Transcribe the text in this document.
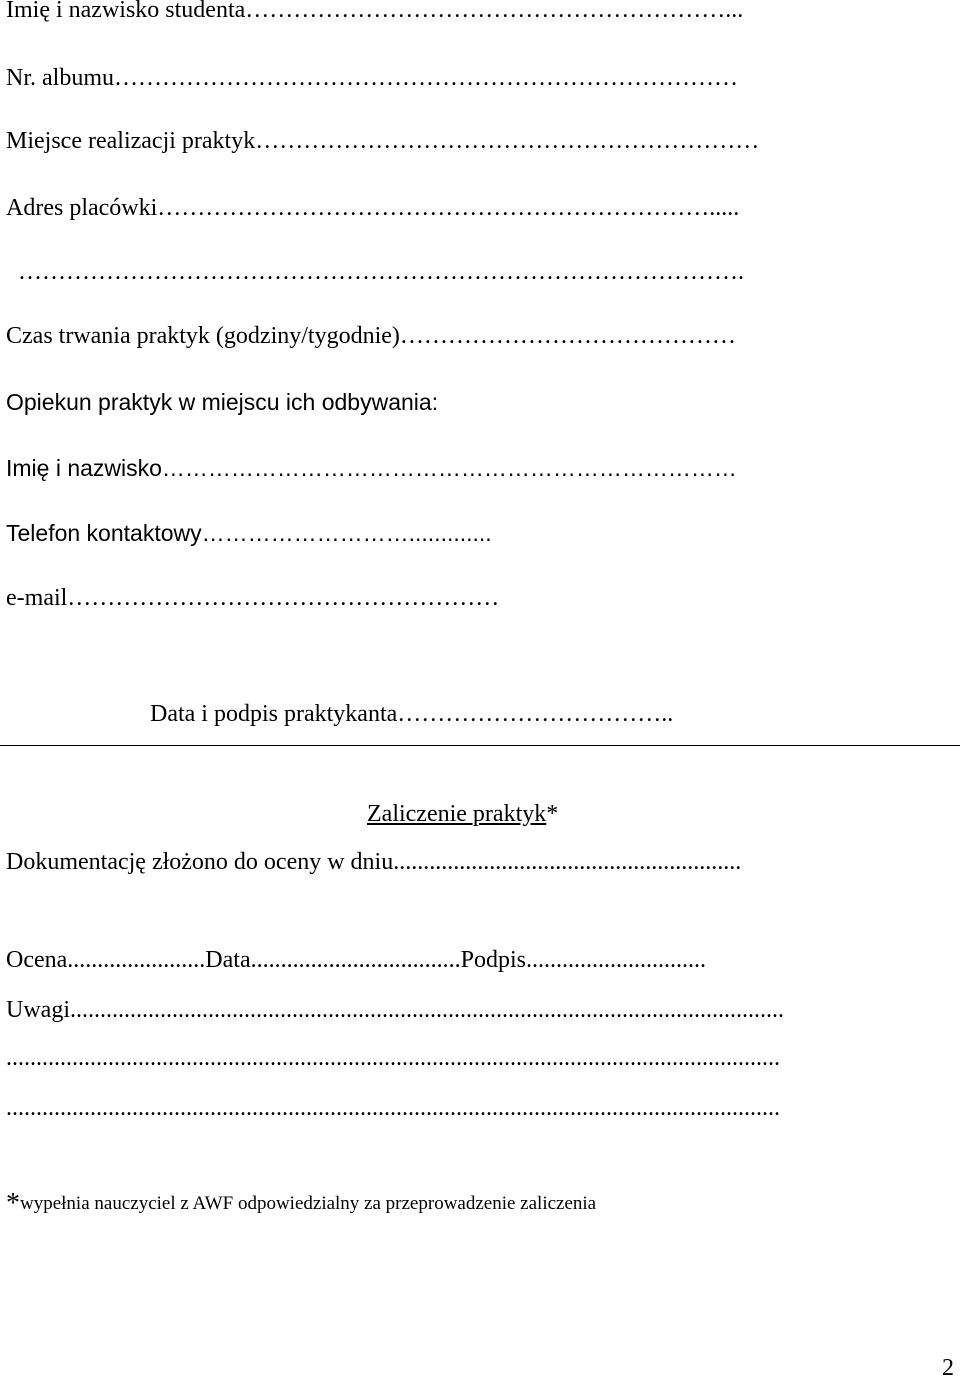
Imię i nazwisko studenta……………………………………………………...
Nr. albumu……………………………………………………………………
Miejsce realizacji praktyk………………………………………………………
Adres placówki…………………………………………………………….....
……………………………………………………………………………….
Czas trwania praktyk (godziny/tygodnie)……………………………………
Opiekun praktyk w miejscu ich odbywania:
Imię i nazwisko…………………………………………………………………
Telefon kontaktowy……………………….............
e-mail………………………………………………
Data i podpis praktykanta……………………………..
Zaliczenie praktyk*
Dokumentację złożono do oceny w dniu..........................................................
Ocena.......................Data...................................Podpis..............................
Uwagi.......................................................................................................................
.................................................................................................................................
.................................................................................................................................
*wypełnia nauczyciel z AWF odpowiedzialny za przeprowadzenie zaliczenia
2
